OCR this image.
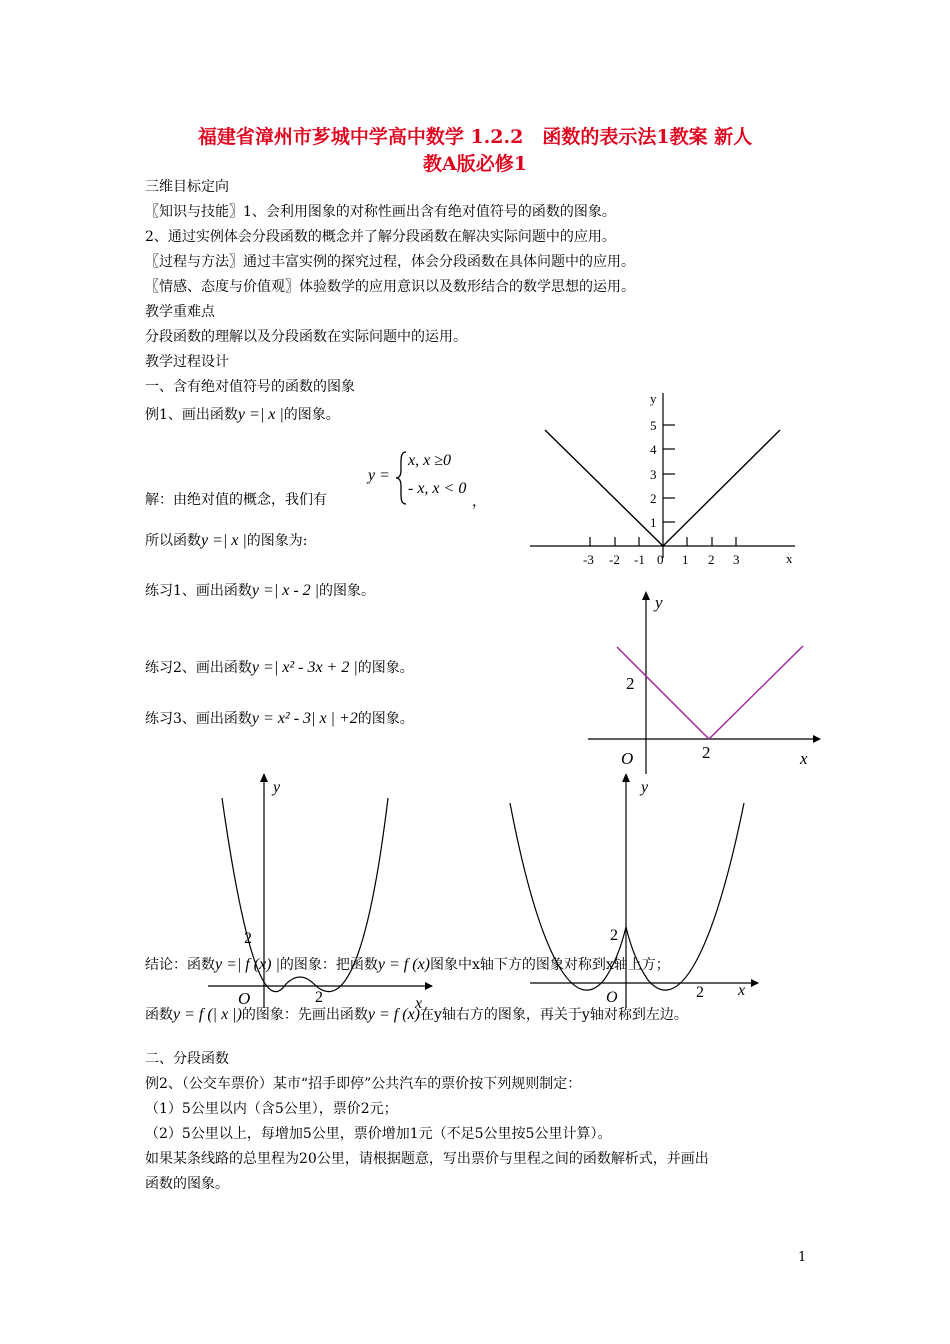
福建省漳州市芗城中学高中数学 1.2.2　函数的表示法1教案 新人
教A版必修1
三维目标定向
〖知识与技能〗1、会利用图象的对称性画出含有绝对值符号的函数的图象。
2、通过实例体会分段函数的概念并了解分段函数在解决实际问题中的应用。
〖过程与方法〗通过丰富实例的探究过程，体会分段函数在具体问题中的应用。
〖情感、态度与价值观〗体验数学的应用意识以及数形结合的数学思想的运用。
教学重难点
分段函数的理解以及分段函数在实际问题中的运用。
教学过程设计
一、含有绝对值符号的函数的图象
例1、画出函数y =| x |的图象。
解：由绝对值的概念，我们有
y =
x, x ≥0
- x, x < 0
，
所以函数y =| x |的图象为:
练习1、画出函数y =| x - 2 |的图象。
练习2、画出函数y =| x² - 3x + 2 |的图象。
练习3、画出函数y = x² - 3| x | +2的图象。
y
x
0
5
4
3
2
1
-3 -2 -1	1 2 3
y
x
O
2
2
y
x
O
2
2
y
x
O
2
2
结论：函数y =| f (x) |的图象：把函数y = f (x)图象中x轴下方的图象对称到x轴上方；
函数y = f (| x |)的图象：先画出函数y = f (x)在y轴右方的图象，再关于y轴对称到左边。
二、分段函数
例2、（公交车票价）某市“招手即停”公共汽车的票价按下列规则制定：
（1）5公里以内（含5公里），票价2元；
（2）5公里以上，每增加5公里，票价增加1元（不足5公里按5公里计算）。
如果某条线路的总里程为20公里，请根据题意，写出票价与里程之间的函数解析式，并画出
函数的图象。
1
